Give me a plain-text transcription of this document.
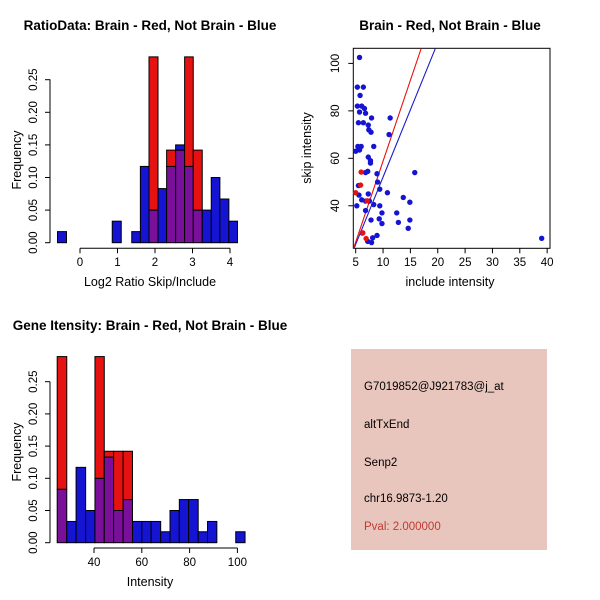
0.00
0.05
0.10
0.15
0.20
0.25
0	1	2	3	4	5 10 15 20 25 30 35 40
40
60
80
100
0.00
0.05
0.10
0.15
0.20
0.25
40	60	80	100
RatioData: Brain - Red, Not Brain - Blue
Frequency
Log2 Ratio Skip/Include
Brain - Red, Not Brain - Blue
skip intensity
include intensity
Gene Itensity: Brain - Red, Not Brain - Blue
Frequency
Intensity
G7019852@J921783@j_at
altTxEnd
Senp2
chr16.9873-1.20
Pval: 2.000000
